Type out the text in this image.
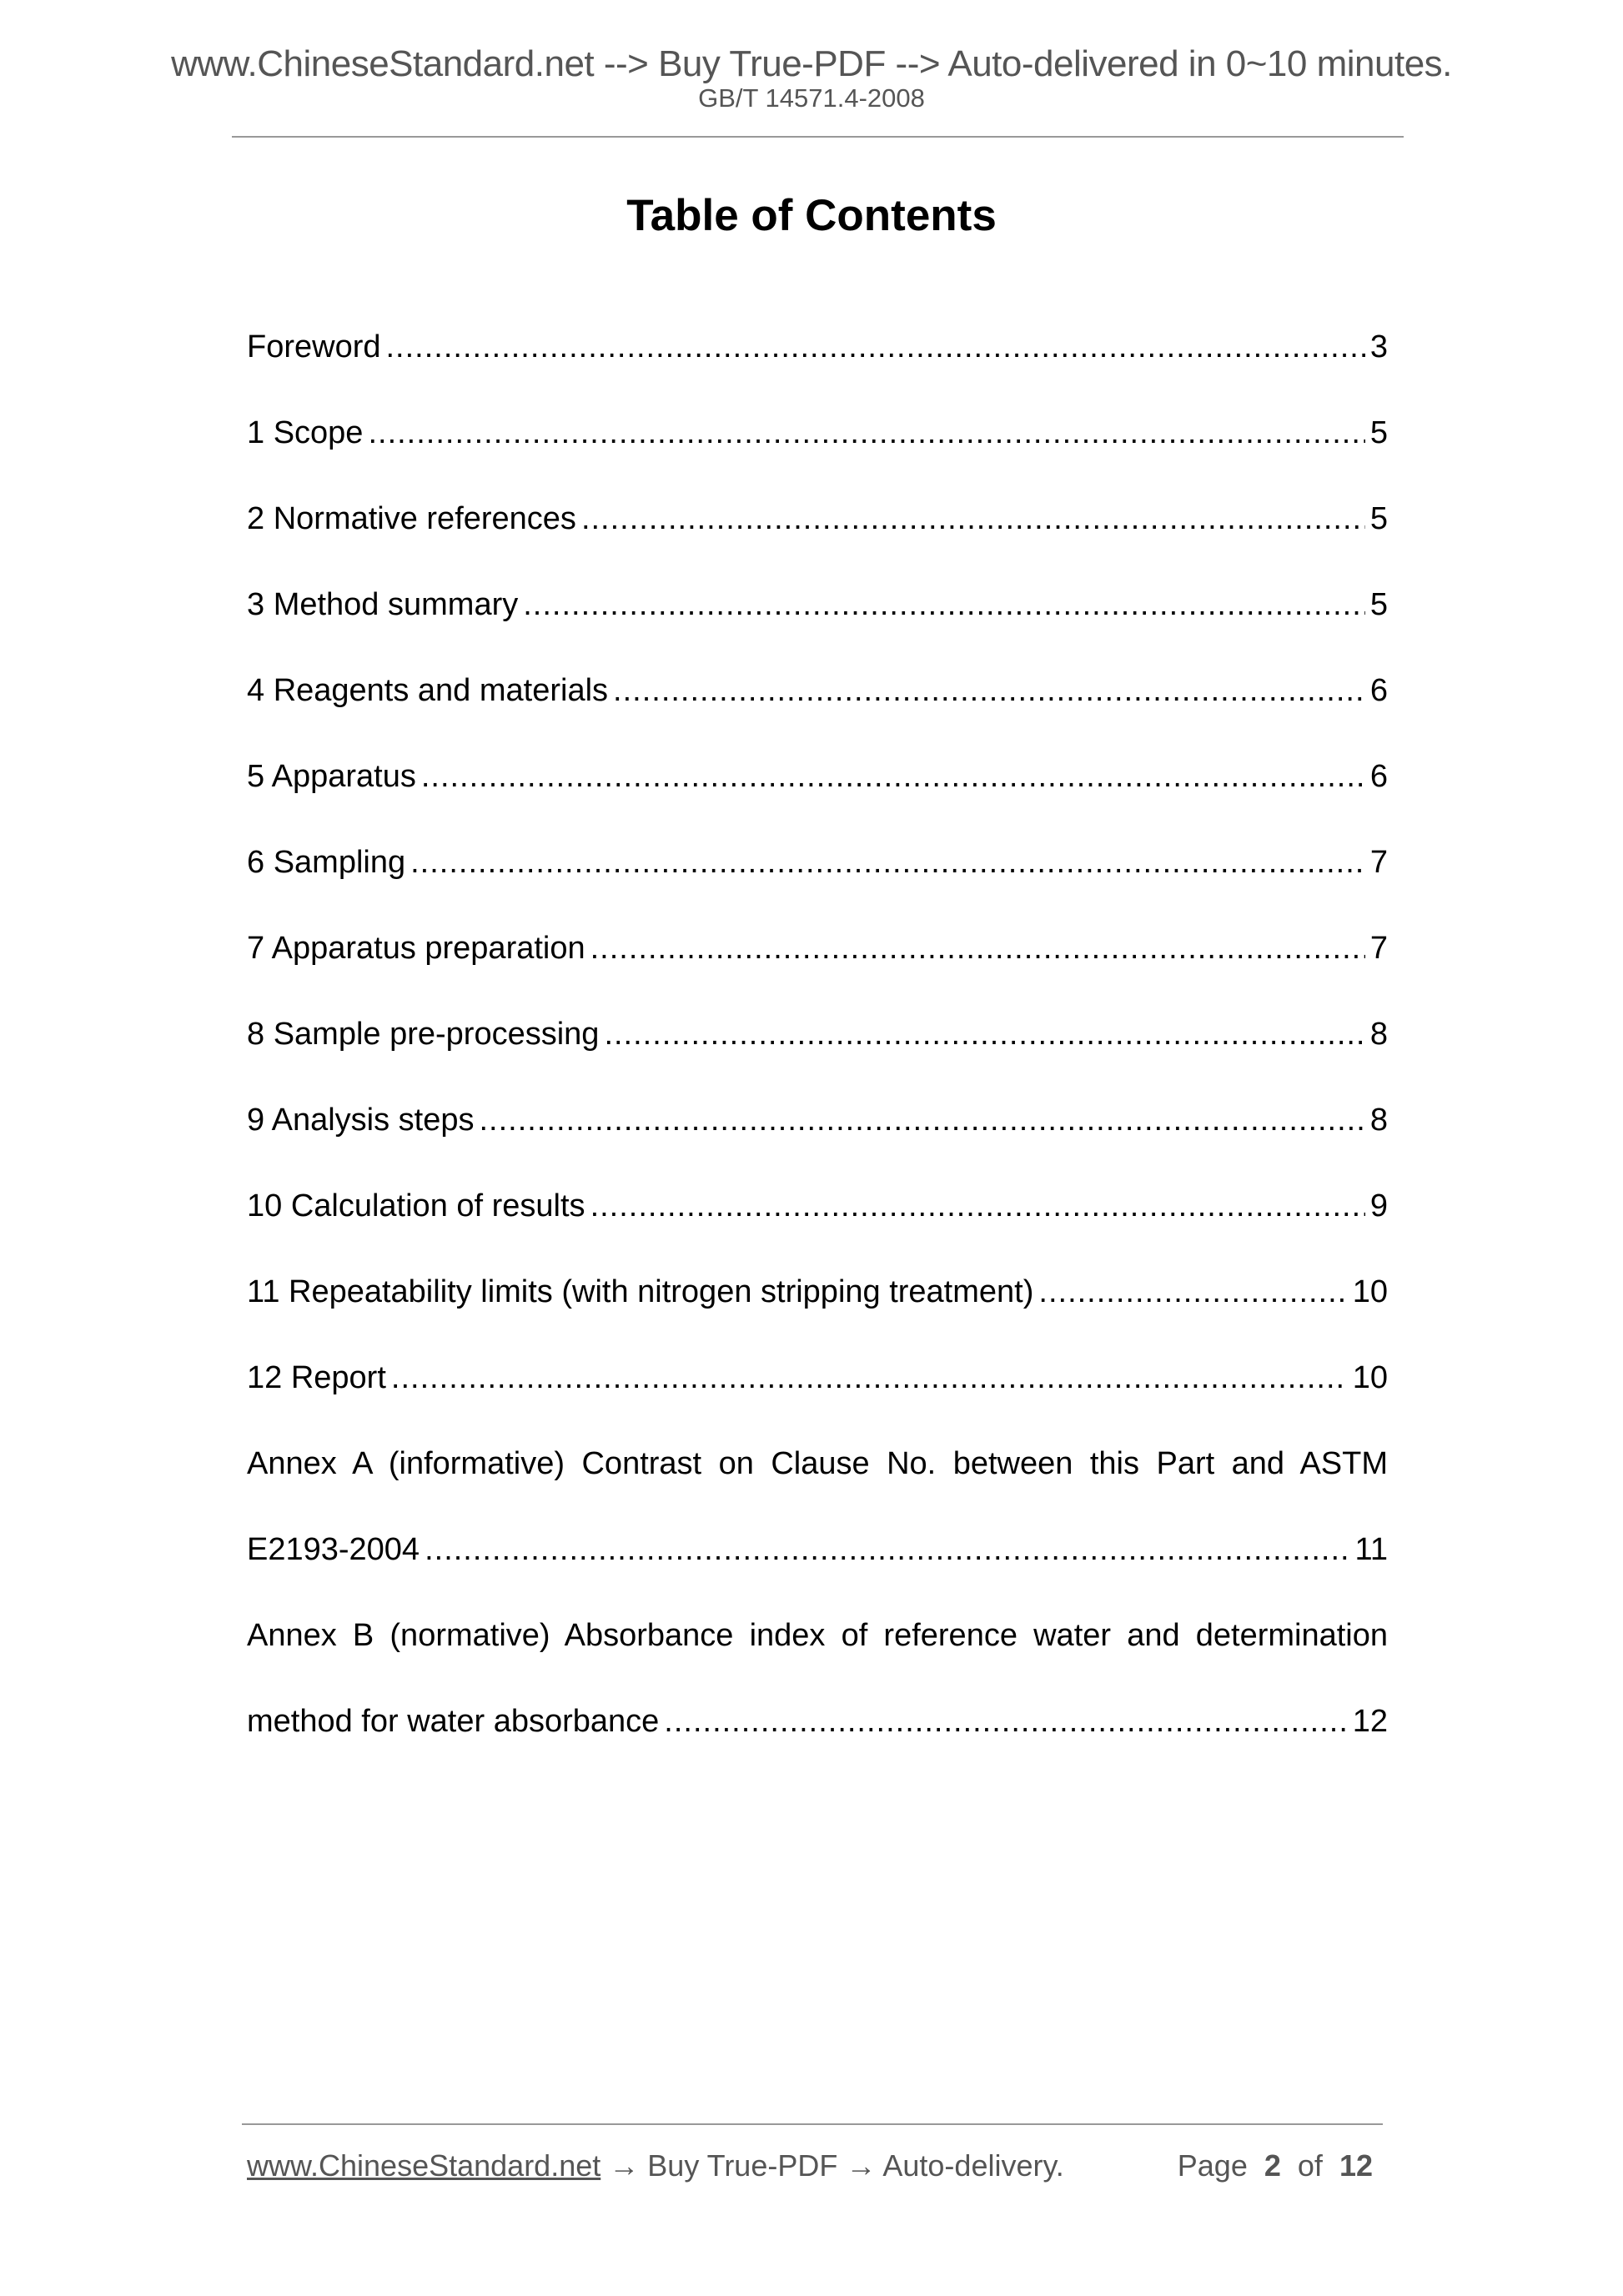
www.ChineseStandard.net --> Buy True-PDF --> Auto-delivered in 0~10 minutes.
GB/T 14571.4-2008
Table of Contents
Foreword .....	3
1 Scope .....	5
2 Normative references .....	5
3 Method summary .....	5
4 Reagents and materials .....	6
5 Apparatus .....	6
6 Sampling .....	7
7 Apparatus preparation .....	7
8 Sample pre-processing .....	8
9 Analysis steps .....	8
10 Calculation of results .....	9
11 Repeatability limits (with nitrogen stripping treatment) .....	10
12 Report .....	10
Annex A (informative) Contrast on Clause No. between this Part and ASTM
E2193-2004 .....	11
Annex B (normative) Absorbance index of reference water and determination
method for water absorbance .....	12
www.ChineseStandard.net → Buy True-PDF → Auto-delivery.	Page 2 of 12
